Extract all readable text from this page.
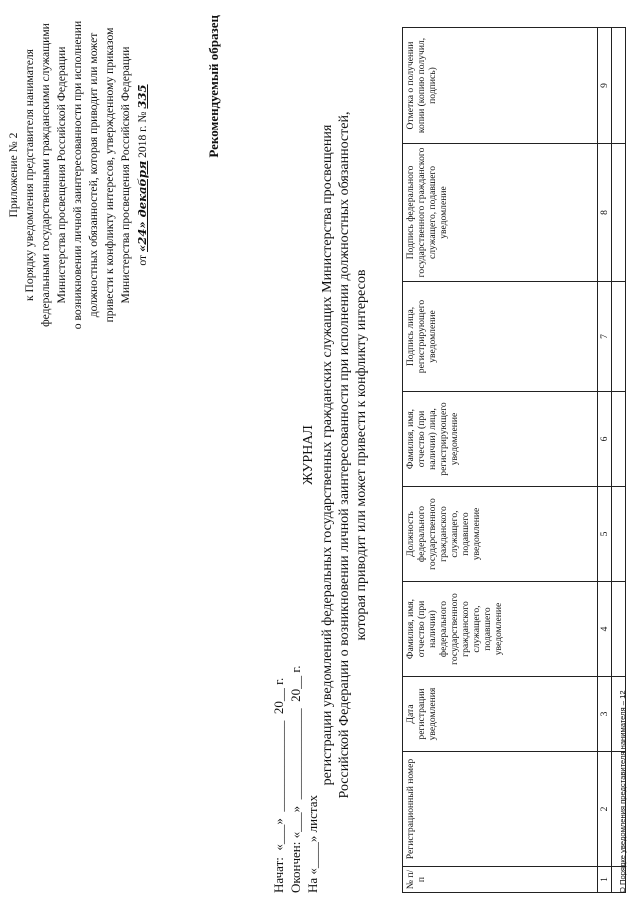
Приложение № 2 к Порядку уведомления представителя нанимателя федеральными государственными гражданскими служащими Министерства просвещения Российской Федерации о возникновении личной заинтересованности при исполнении должностных обязанностей, которая приводит или может привести к конфликту интересов, утвержденному приказом Министерства просвещения Российской Федерации от «24» декабря 2018 г. № 335	Рекомендуемый образец
Начат:  «___»  ______________  20__ г. Окончен: «___»  ______________  20__ г. На «____» листах
ЖУРНАЛ регистрации уведомлений федеральных государственных гражданских служащих Министерства просвещения Российской Федерации о возникновении личной заинтересованности при исполнении должностных обязанностей, которая приводит или может привести к конфликту интересов
№ п/п	Регистрационный номер	Дата регистрации уведомления	Фамилия, имя, отчество (при наличии) федерального государственного гражданского служащего, подавшего уведомление	Должность федерального государственного гражданского служащего, подавшего уведомление	Фамилия, имя, отчество (при наличии) лица, регистрирующего уведомление	Подпись лица, регистрирующего уведомление	Подпись федерального государственного гражданского служащего, подавшего уведомление	Отметка о получении копии (копию получил, подпись)
1	2	3	4	5	6	7	8	9

О Порядке уведомления представителя нанимателя – 12
